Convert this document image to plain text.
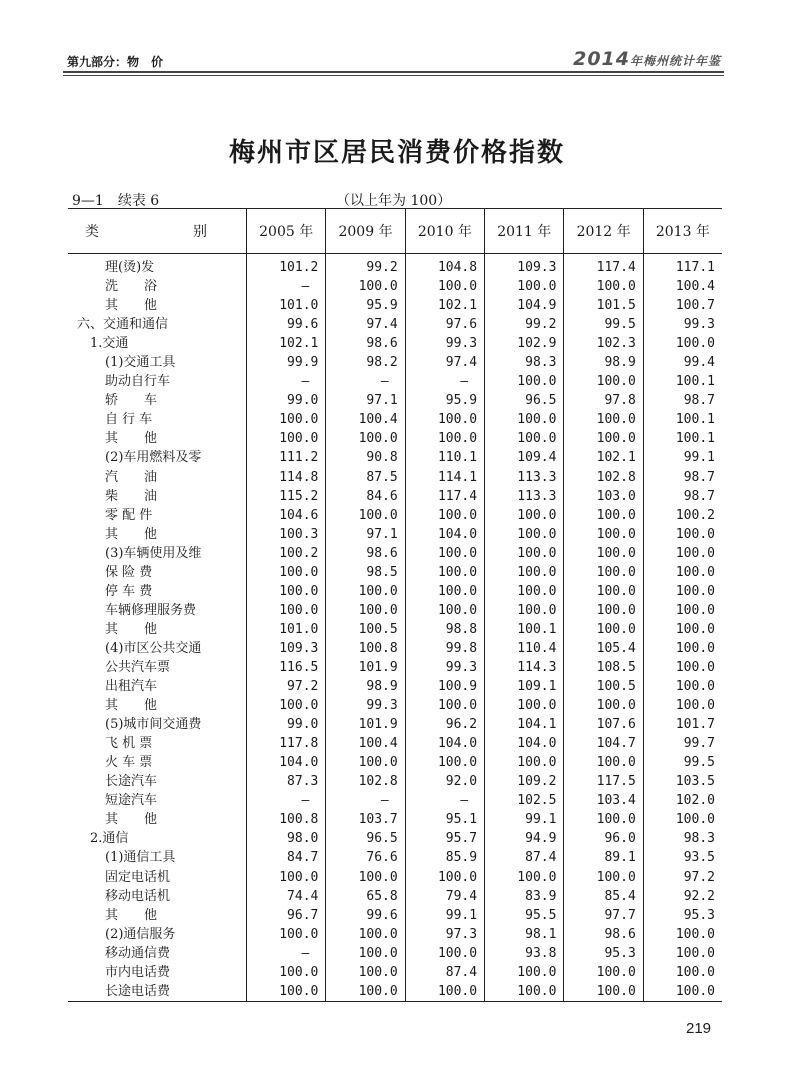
第九部分：物　价	2014年梅州统计年鉴
梅州市区居民消费价格指数
9—1　续表 6	（以上年为 100）
类　　别	2005 年	2009 年	2010 年	2011 年	2012 年	2013 年
理(烫)发	101.2	99.2	104.8	109.3	117.4	117.1
洗　　浴	—	100.0	100.0	100.0	100.0	100.4
其　　他	101.0	95.9	102.1	104.9	101.5	100.7
六、交通和通信	99.6	97.4	97.6	99.2	99.5	99.3
1.交通	102.1	98.6	99.3	102.9	102.3	100.0
(1)交通工具	99.9	98.2	97.4	98.3	98.9	99.4
助动自行车	—	—	—	100.0	100.0	100.1
轿　　车	99.0	97.1	95.9	96.5	97.8	98.7
自 行 车	100.0	100.4	100.0	100.0	100.0	100.1
其　　他	100.0	100.0	100.0	100.0	100.0	100.1
(2)车用燃料及零	111.2	90.8	110.1	109.4	102.1	99.1
汽　　油	114.8	87.5	114.1	113.3	102.8	98.7
柴　　油	115.2	84.6	117.4	113.3	103.0	98.7
零 配 件	104.6	100.0	100.0	100.0	100.0	100.2
其　　他	100.3	97.1	104.0	100.0	100.0	100.0
(3)车辆使用及维	100.2	98.6	100.0	100.0	100.0	100.0
保 险 费	100.0	98.5	100.0	100.0	100.0	100.0
停 车 费	100.0	100.0	100.0	100.0	100.0	100.0
车辆修理服务费	100.0	100.0	100.0	100.0	100.0	100.0
其　　他	101.0	100.5	98.8	100.1	100.0	100.0
(4)市区公共交通	109.3	100.8	99.8	110.4	105.4	100.0
公共汽车票	116.5	101.9	99.3	114.3	108.5	100.0
出租汽车	97.2	98.9	100.9	109.1	100.5	100.0
其　　他	100.0	99.3	100.0	100.0	100.0	100.0
(5)城市间交通费	99.0	101.9	96.2	104.1	107.6	101.7
飞 机 票	117.8	100.4	104.0	104.0	104.7	99.7
火 车 票	104.0	100.0	100.0	100.0	100.0	99.5
长途汽车	87.3	102.8	92.0	109.2	117.5	103.5
短途汽车	—	—	—	102.5	103.4	102.0
其　　他	100.8	103.7	95.1	99.1	100.0	100.0
2.通信	98.0	96.5	95.7	94.9	96.0	98.3
(1)通信工具	84.7	76.6	85.9	87.4	89.1	93.5
固定电话机	100.0	100.0	100.0	100.0	100.0	97.2
移动电话机	74.4	65.8	79.4	83.9	85.4	92.2
其　　他	96.7	99.6	99.1	95.5	97.7	95.3
(2)通信服务	100.0	100.0	97.3	98.1	98.6	100.0
移动通信费	—	100.0	100.0	93.8	95.3	100.0
市内电话费	100.0	100.0	87.4	100.0	100.0	100.0
长途电话费	100.0	100.0	100.0	100.0	100.0	100.0
219
